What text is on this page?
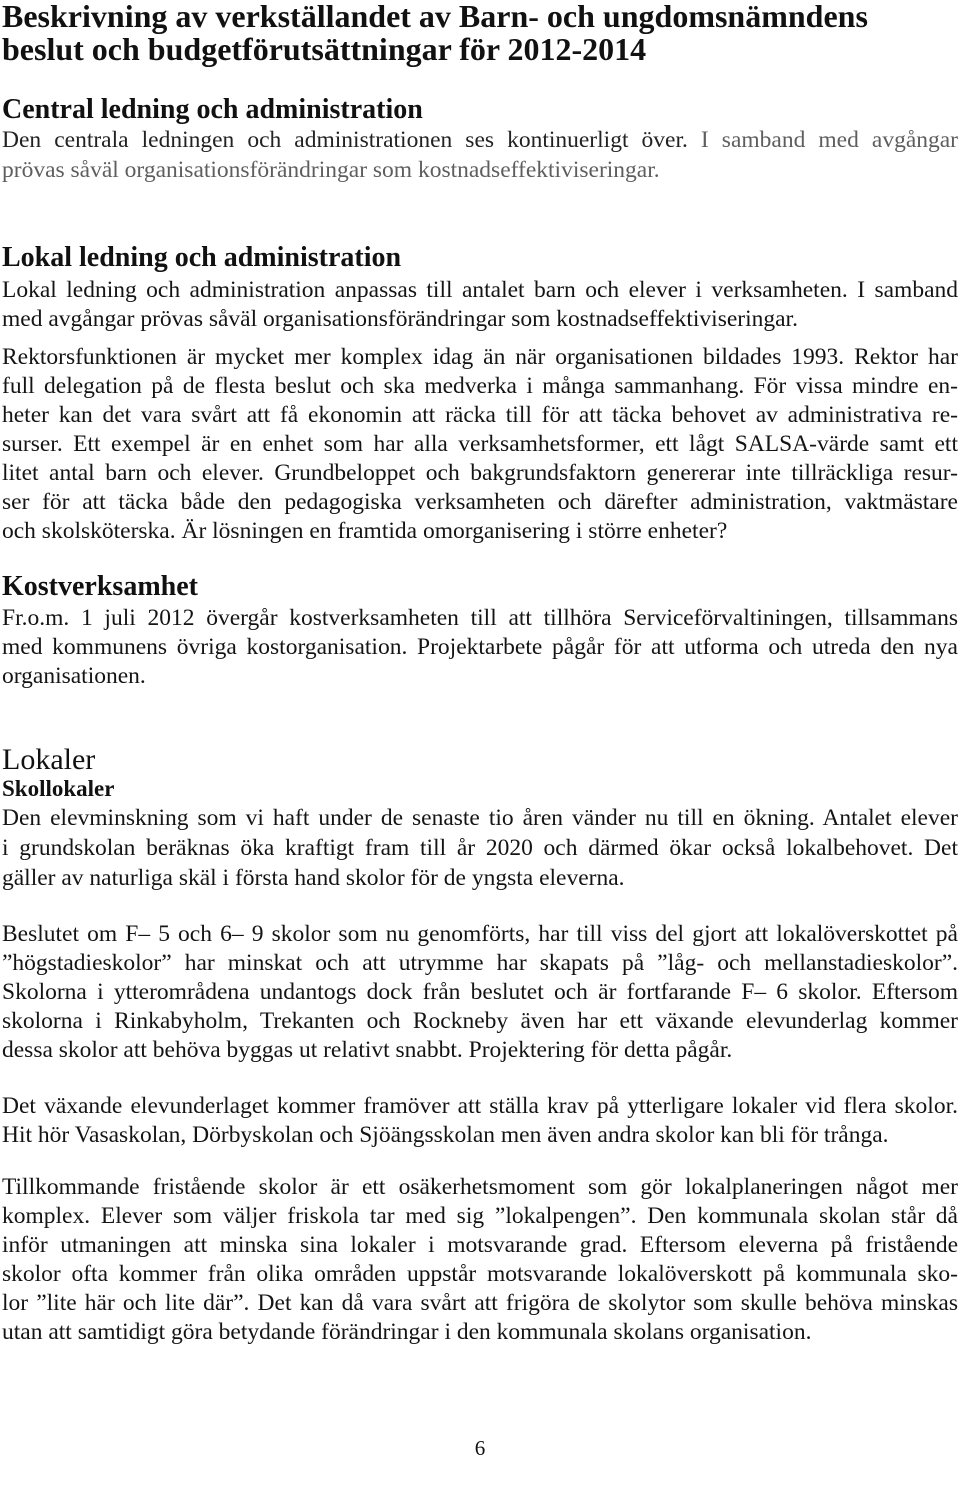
Beskrivning av verkställandet av Barn- och ungdomsnämndens
beslut och budgetförutsättningar för 2012-2014
Central ledning och administration
Den centrala ledningen och administrationen ses kontinuerligt över. I samband med avgångar
prövas såväl organisationsförändringar som kostnadseffektiviseringar.
Lokal ledning och administration
Lokal ledning och administration anpassas till antalet barn och elever i verksamheten. I samband
med avgångar prövas såväl organisationsförändringar som kostnadseffektiviseringar.
Rektorsfunktionen är mycket mer komplex idag än när organisationen bildades 1993. Rektor har
full delegation på de flesta beslut och ska medverka i många sammanhang. För vissa mindre en-
heter kan det vara svårt att få ekonomin att räcka till för att täcka behovet av administrativa re-
surser. Ett exempel är en enhet som har alla verksamhetsformer, ett lågt SALSA-värde samt ett
litet antal barn och elever. Grundbeloppet och bakgrundsfaktorn genererar inte tillräckliga resur-
ser för att täcka både den pedagogiska verksamheten och därefter administration, vaktmästare
och skolsköterska. Är lösningen en framtida omorganisering i större enheter?
Kostverksamhet
Fr.o.m. 1 juli 2012 övergår kostverksamheten till att tillhöra Serviceförvaltiningen, tillsammans
med kommunens övriga kostorganisation. Projektarbete pågår för att utforma och utreda den nya
organisationen.
Lokaler
Skollokaler
Den elevminskning som vi haft under de senaste tio åren vänder nu till en ökning. Antalet elever
i grundskolan beräknas öka kraftigt fram till år 2020 och därmed ökar också lokalbehovet. Det
gäller av naturliga skäl i första hand skolor för de yngsta eleverna.
Beslutet om F– 5 och 6– 9 skolor som nu genomförts, har till viss del gjort att lokalöverskottet på
”högstadieskolor” har minskat och att utrymme har skapats på ”låg- och mellanstadieskolor”.
Skolorna i ytterområdena undantogs dock från beslutet och är fortfarande F– 6 skolor. Eftersom
skolorna i Rinkabyholm, Trekanten och Rockneby även har ett växande elevunderlag kommer
dessa skolor att behöva byggas ut relativt snabbt. Projektering för detta pågår.
Det växande elevunderlaget kommer framöver att ställa krav på ytterligare lokaler vid flera skolor.
Hit hör Vasaskolan, Dörbyskolan och Sjöängsskolan men även andra skolor kan bli för trånga.
Tillkommande fristående skolor är ett osäkerhetsmoment som gör lokalplaneringen något mer
komplex. Elever som väljer friskola tar med sig ”lokalpengen”. Den kommunala skolan står då
inför utmaningen att minska sina lokaler i motsvarande grad. Eftersom eleverna på fristående
skolor ofta kommer från olika områden uppstår motsvarande lokalöverskott på kommunala sko-
lor ”lite här och lite där”. Det kan då vara svårt att frigöra de skolytor som skulle behöva minskas
utan att samtidigt göra betydande förändringar i den kommunala skolans organisation.
6
